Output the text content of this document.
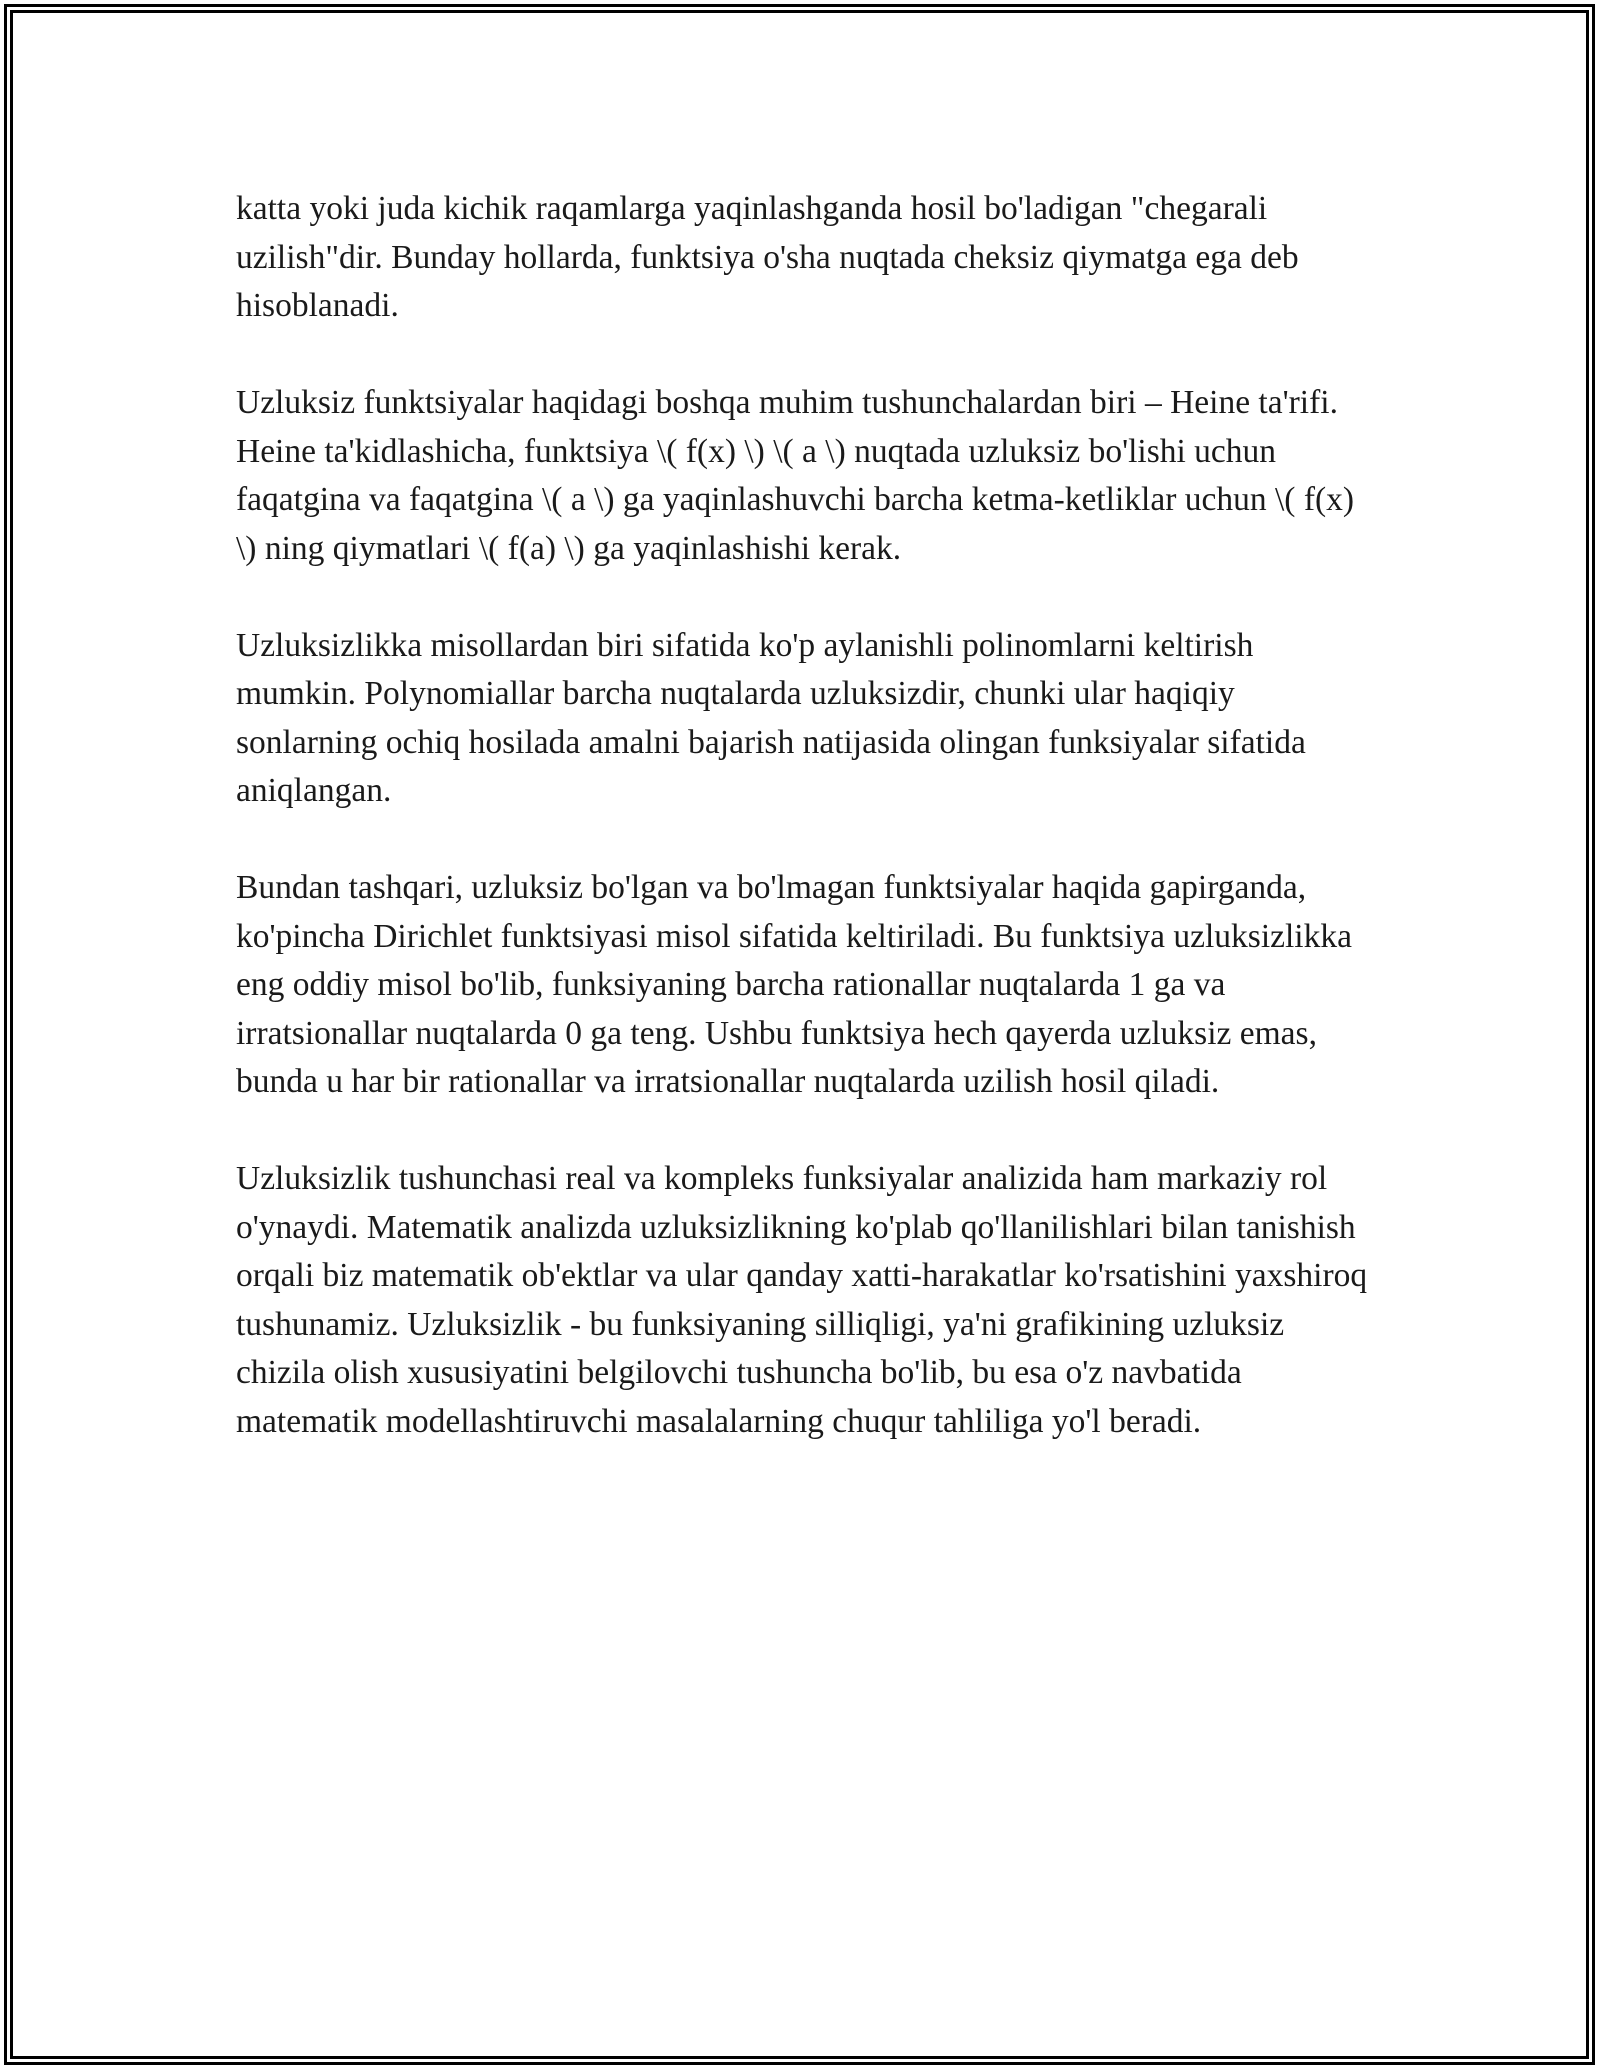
katta yoki juda kichik raqamlarga yaqinlashganda hosil bo'ladigan "chegarali uzilish"dir. Bunday hollarda, funktsiya o'sha nuqtada cheksiz qiymatga ega deb hisoblanadi.

Uzluksiz funktsiyalar haqidagi boshqa muhim tushunchalardan biri – Heine ta'rifi. Heine ta'kidlashicha, funktsiya \( f(x) \) \( a \) nuqtada uzluksiz bo'lishi uchun faqatgina va faqatgina \( a \) ga yaqinlashuvchi barcha ketma-ketliklar uchun \( f(x) \) ning qiymatlari \( f(a) \) ga yaqinlashishi kerak.

Uzluksizlikka misollardan biri sifatida ko'p aylanishli polinomlarni keltirish mumkin. Polynomiallar barcha nuqtalarda uzluksizdir, chunki ular haqiqiy sonlarning ochiq hosilada amalni bajarish natijasida olingan funksiyalar sifatida aniqlangan.

Bundan tashqari, uzluksiz bo'lgan va bo'lmagan funktsiyalar haqida gapirganda, ko'pincha Dirichlet funktsiyasi misol sifatida keltiriladi. Bu funktsiya uzluksizlikka eng oddiy misol bo'lib, funksiyaning barcha rationallar nuqtalarda 1 ga va irratsionallar nuqtalarda 0 ga teng. Ushbu funktsiya hech qayerda uzluksiz emas, bunda u har bir rationallar va irratsionallar nuqtalarda uzilish hosil qiladi.

Uzluksizlik tushunchasi real va kompleks funksiyalar analizida ham markaziy rol o'ynaydi. Matematik analizda uzluksizlikning ko'plab qo'llanilishlari bilan tanishish orqali biz matematik ob'ektlar va ular qanday xatti-harakatlar ko'rsatishini yaxshiroq tushunamiz. Uzluksizlik - bu funksiyaning silliqligi, ya'ni grafikining uzluksiz chizila olish xususiyatini belgilovchi tushuncha bo'lib, bu esa o'z navbatida matematik modellashtiruvchi masalalarning chuqur tahliliga yo'l beradi.
